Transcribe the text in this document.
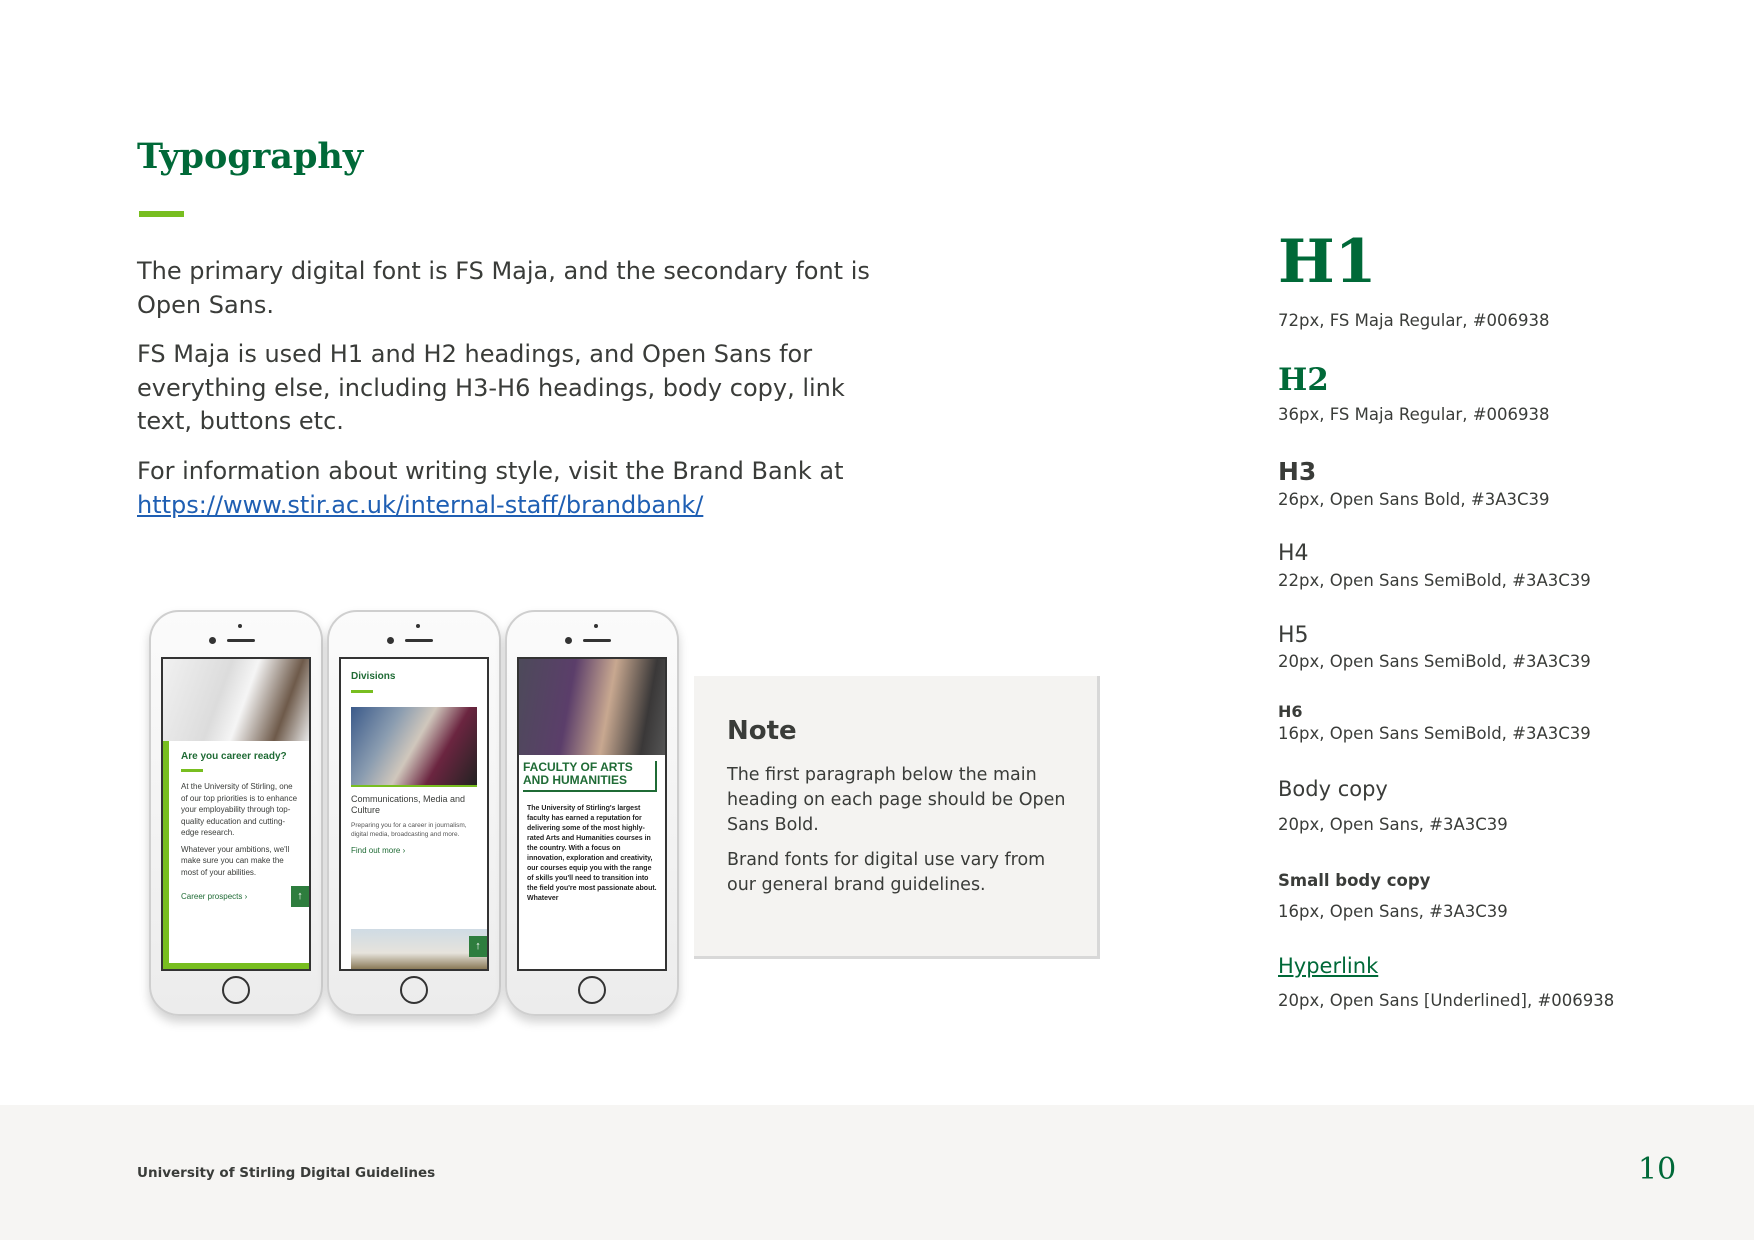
Typography

The primary digital font is FS Maja, and the secondary font is Open Sans.

FS Maja is used H1 and H2 headings, and Open Sans for everything else, including H3-H6 headings, body copy, link text, buttons etc.

For information about writing style, visit the Brand Bank at
https://www.stir.ac.uk/internal-staff/brandbank/

Note

The first paragraph below the main heading on each page should be Open Sans Bold.

Brand fonts for digital use vary from our general brand guidelines.

Are you career ready?

At the University of Stirling, one of our top priorities is to enhance your employability through top-quality education and cutting-edge research.

Whatever your ambitions, we'll make sure you can make the most of your abilities.

Career prospects ›	↑
Divisions

Communications, Media and Culture

Preparing you for a career in journalism, digital media, broadcasting and more.

Find out more ›
↑
FACULTY OF ARTS AND HUMANITIES

The University of Stirling's largest faculty has earned a reputation for delivering some of the most highly-rated Arts and Humanities courses in the country. With a focus on innovation, exploration and creativity, our courses equip you with the range of skills you'll need to transition into the field you're most passionate about. Whatever

H1
72px, FS Maja Regular, #006938
H2
36px, FS Maja Regular, #006938
H3
26px, Open Sans Bold, #3A3C39
H4
22px, Open Sans SemiBold, #3A3C39
H5
20px, Open Sans SemiBold, #3A3C39
H6
16px, Open Sans SemiBold, #3A3C39
Body copy
20px, Open Sans, #3A3C39
Small body copy
16px, Open Sans, #3A3C39
Hyperlink
20px, Open Sans [Underlined], #006938
University of Stirling Digital Guidelines	10
